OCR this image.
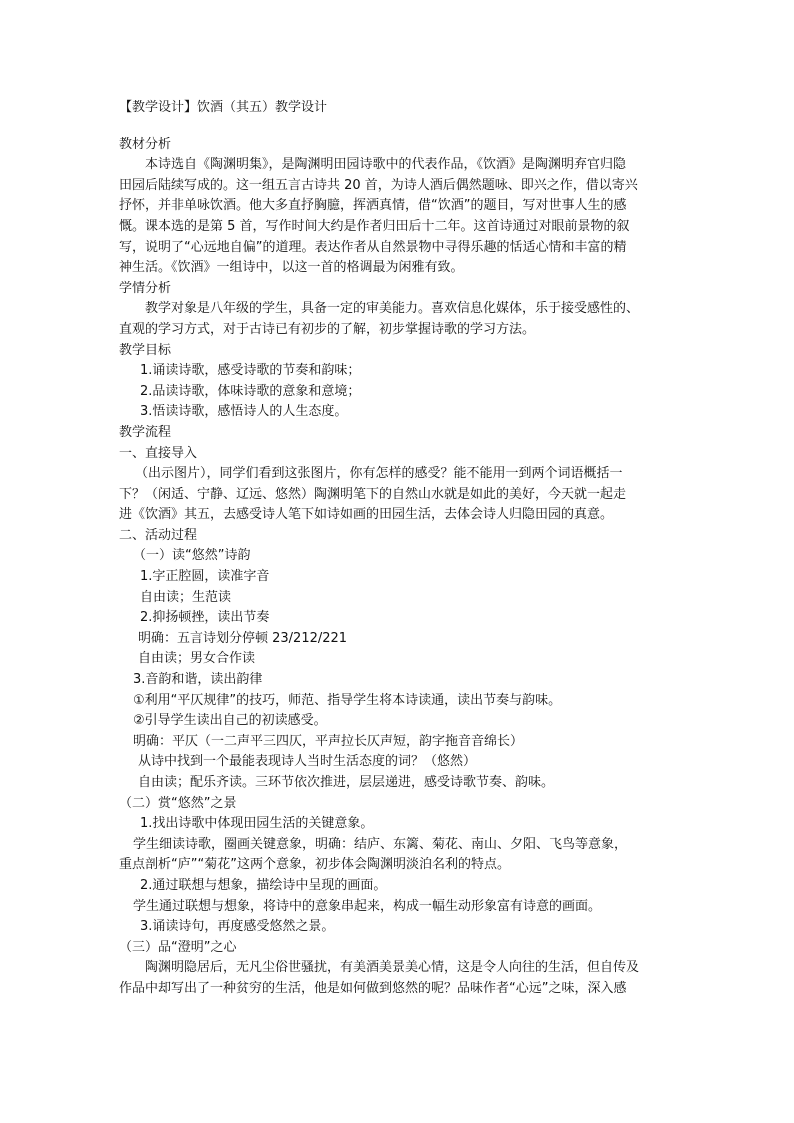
【教学设计】饮酒（其五）教学设计
教材分析
本诗选自《陶渊明集》，是陶渊明田园诗歌中的代表作品，《饮酒》是陶渊明弃官归隐
田园后陆续写成的。这一组五言古诗共 20 首，为诗人酒后偶然题咏、即兴之作，借以寄兴
抒怀，并非单咏饮酒。他大多直抒胸臆，挥洒真情，借“饮酒”的题目，写对世事人生的感
慨。课本选的是第 5 首，写作时间大约是作者归田后十二年。这首诗通过对眼前景物的叙
写，说明了“心远地自偏”的道理。表达作者从自然景物中寻得乐趣的恬适心情和丰富的精
神生活。《饮酒》一组诗中，以这一首的格调最为闲雅有致。
学情分析
教学对象是八年级的学生，具备一定的审美能力。喜欢信息化媒体，乐于接受感性的、
直观的学习方式，对于古诗已有初步的了解，初步掌握诗歌的学习方法。
教学目标
1.诵读诗歌，感受诗歌的节奏和韵味；
2.品读诗歌，体味诗歌的意象和意境；
3.悟读诗歌，感悟诗人的人生态度。
教学流程
一、直接导入
（出示图片），同学们看到这张图片，你有怎样的感受？能不能用一到两个词语概括一
下？（闲适、宁静、辽远、悠然）陶渊明笔下的自然山水就是如此的美好，今天就一起走
进《饮酒》其五，去感受诗人笔下如诗如画的田园生活，去体会诗人归隐田园的真意。
二、活动过程
（一）读“悠然”诗韵
1.字正腔圆，读准字音
自由读；生范读
2.抑扬顿挫，读出节奏
明确：五言诗划分停顿 23/212/221
自由读；男女合作读
3.音韵和谐，读出韵律
①利用“平仄规律”的技巧，师范、指导学生将本诗读通，读出节奏与韵味。
②引导学生读出自己的初读感受。
明确：平仄（一二声平三四仄，平声拉长仄声短，韵字拖音音绵长）
从诗中找到一个最能表现诗人当时生活态度的词？（悠然）
自由读；配乐齐读。三环节依次推进，层层递进，感受诗歌节奏、韵味。
（二）赏“悠然”之景
1.找出诗歌中体现田园生活的关键意象。
学生细读诗歌，圈画关键意象，明确：结庐、东篱、菊花、南山、夕阳、飞鸟等意象，
重点剖析“庐”“菊花”这两个意象，初步体会陶渊明淡泊名利的特点。
2.通过联想与想象，描绘诗中呈现的画面。
学生通过联想与想象，将诗中的意象串起来，构成一幅生动形象富有诗意的画面。
3.诵读诗句，再度感受悠然之景。
（三）品“澄明”之心
陶渊明隐居后，无凡尘俗世骚扰，有美酒美景美心情，这是令人向往的生活，但自传及
作品中却写出了一种贫穷的生活，他是如何做到悠然的呢？品味作者“心远”之味，深入感
